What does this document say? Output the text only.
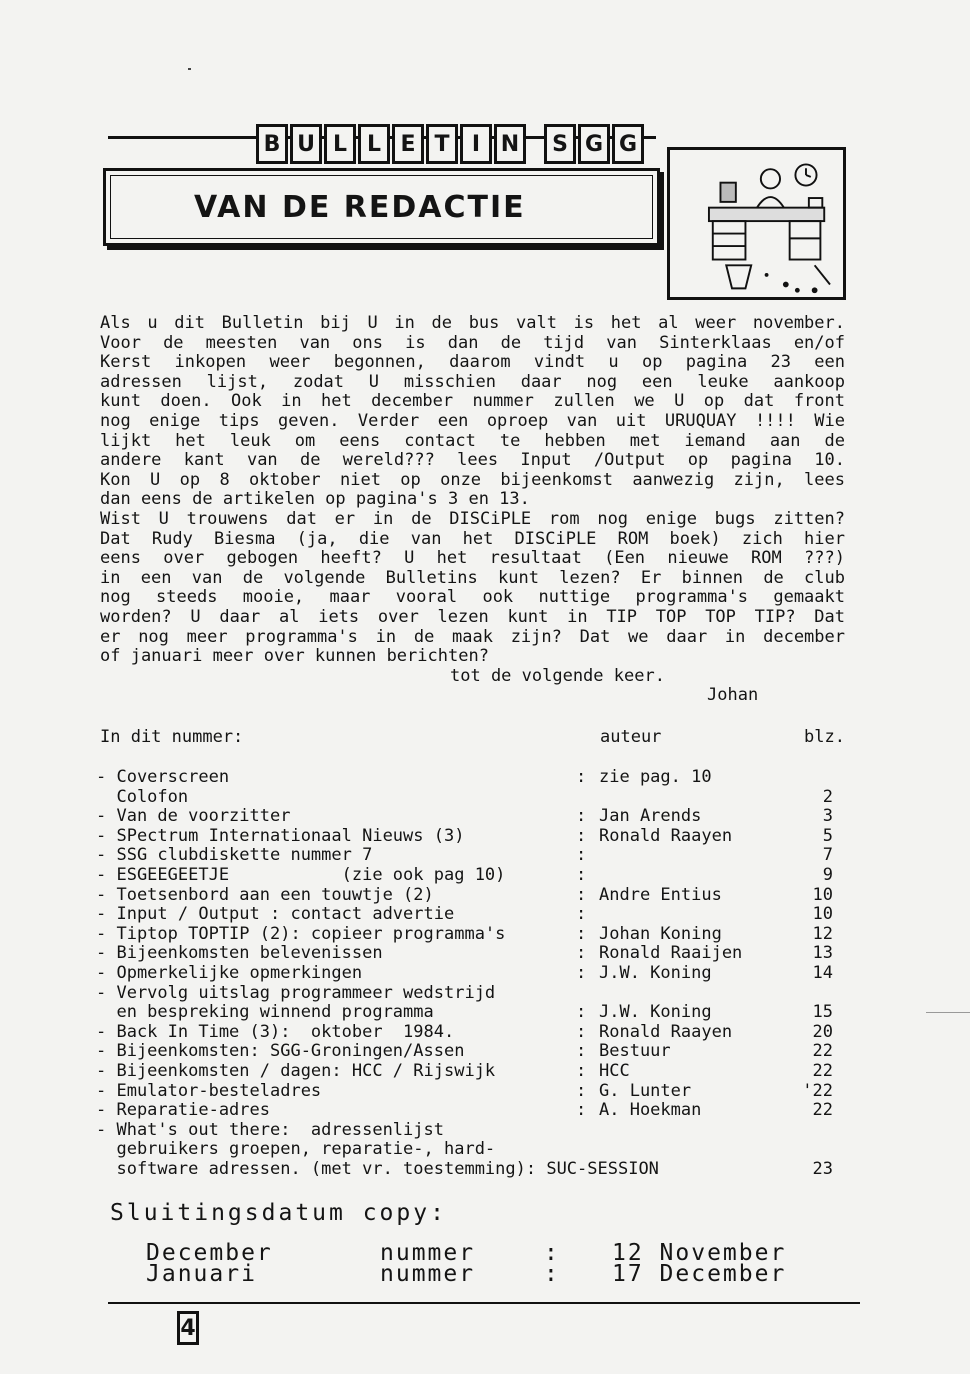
B U L L E T	I N	S G G
VAN DE REDACTIE
Als u dit Bulletin bij U in de bus valt is het al weer november.
Voor de meesten van ons is dan de tijd van Sinterklaas en/of
Kerst inkopen weer begonnen, daarom vindt u op pagina 23 een
adressen lijst, zodat U misschien daar nog een leuke aankoop
kunt doen. Ook in het december nummer zullen we U op dat front
nog enige tips geven. Verder een oproep van uit URUQUAY !!!! Wie
lijkt het leuk om eens contact te hebben met iemand aan de
andere kant van de wereld??? lees Input /Output op pagina 10.
Kon U op 8 oktober niet op onze bijeenkomst aanwezig zijn, lees
dan eens de artikelen op pagina's 3 en 13.
Wist U trouwens dat er in de DISCiPLE rom nog enige bugs zitten?
Dat Rudy Biesma (ja, die van het DISCiPLE ROM boek) zich hier
eens over gebogen heeft? U het resultaat (Een nieuwe ROM ???)
in een van de volgende Bulletins kunt lezen? Er binnen de club
nog steeds mooie, maar vooral ook nuttige programma's gemaakt
worden? U daar al iets over lezen kunt in TIP TOP TOP TIP? Dat
er nog meer programma's in de maak zijn? Dat we daar in december
of januari meer over kunnen berichten?
tot de volgende keer.
Johan
In dit nummer:	auteur	blz.
- Coverscreen	: zie pag. 10
Colofon	2
- Van de voorzitter	: Jan Arends	3
- SPectrum Internationaal Nieuws (3)	: Ronald Raayen	5
- SSG clubdiskette nummer 7	:	7
- ESGEEGEETJE           (zie ook pag 10)	:	9
- Toetsenbord aan een touwtje (2)	: Andre Entius	10
- Input / Output : contact advertie	:	10
- Tiptop TOPTIP (2): copieer programma's	: Johan Koning	12
- Bijeenkomsten belevenissen	: Ronald Raaijen	13
- Opmerkelijke opmerkingen	: J.W. Koning	14
- Vervolg uitslag programmeer wedstrijd
en bespreking winnend programma	: J.W. Koning	15
- Back In Time (3):  oktober  1984.	: Ronald Raayen	20
- Bijeenkomsten: SGG-Groningen/Assen	: Bestuur	22
- Bijeenkomsten / dagen: HCC / Rijswijk	: HCC	22
- Emulator-besteladres	: G. Lunter	'22
- Reparatie-adres	: A. Hoekman	22
- What's out there:  adressenlijst
gebruikers groepen, reparatie-, hard-
software adressen. (met vr. toestemming): SUC-SESSION	23
Sluitingsdatum copy:
December	nummer	: 12 November
Januari	nummer	: 17 December
4
